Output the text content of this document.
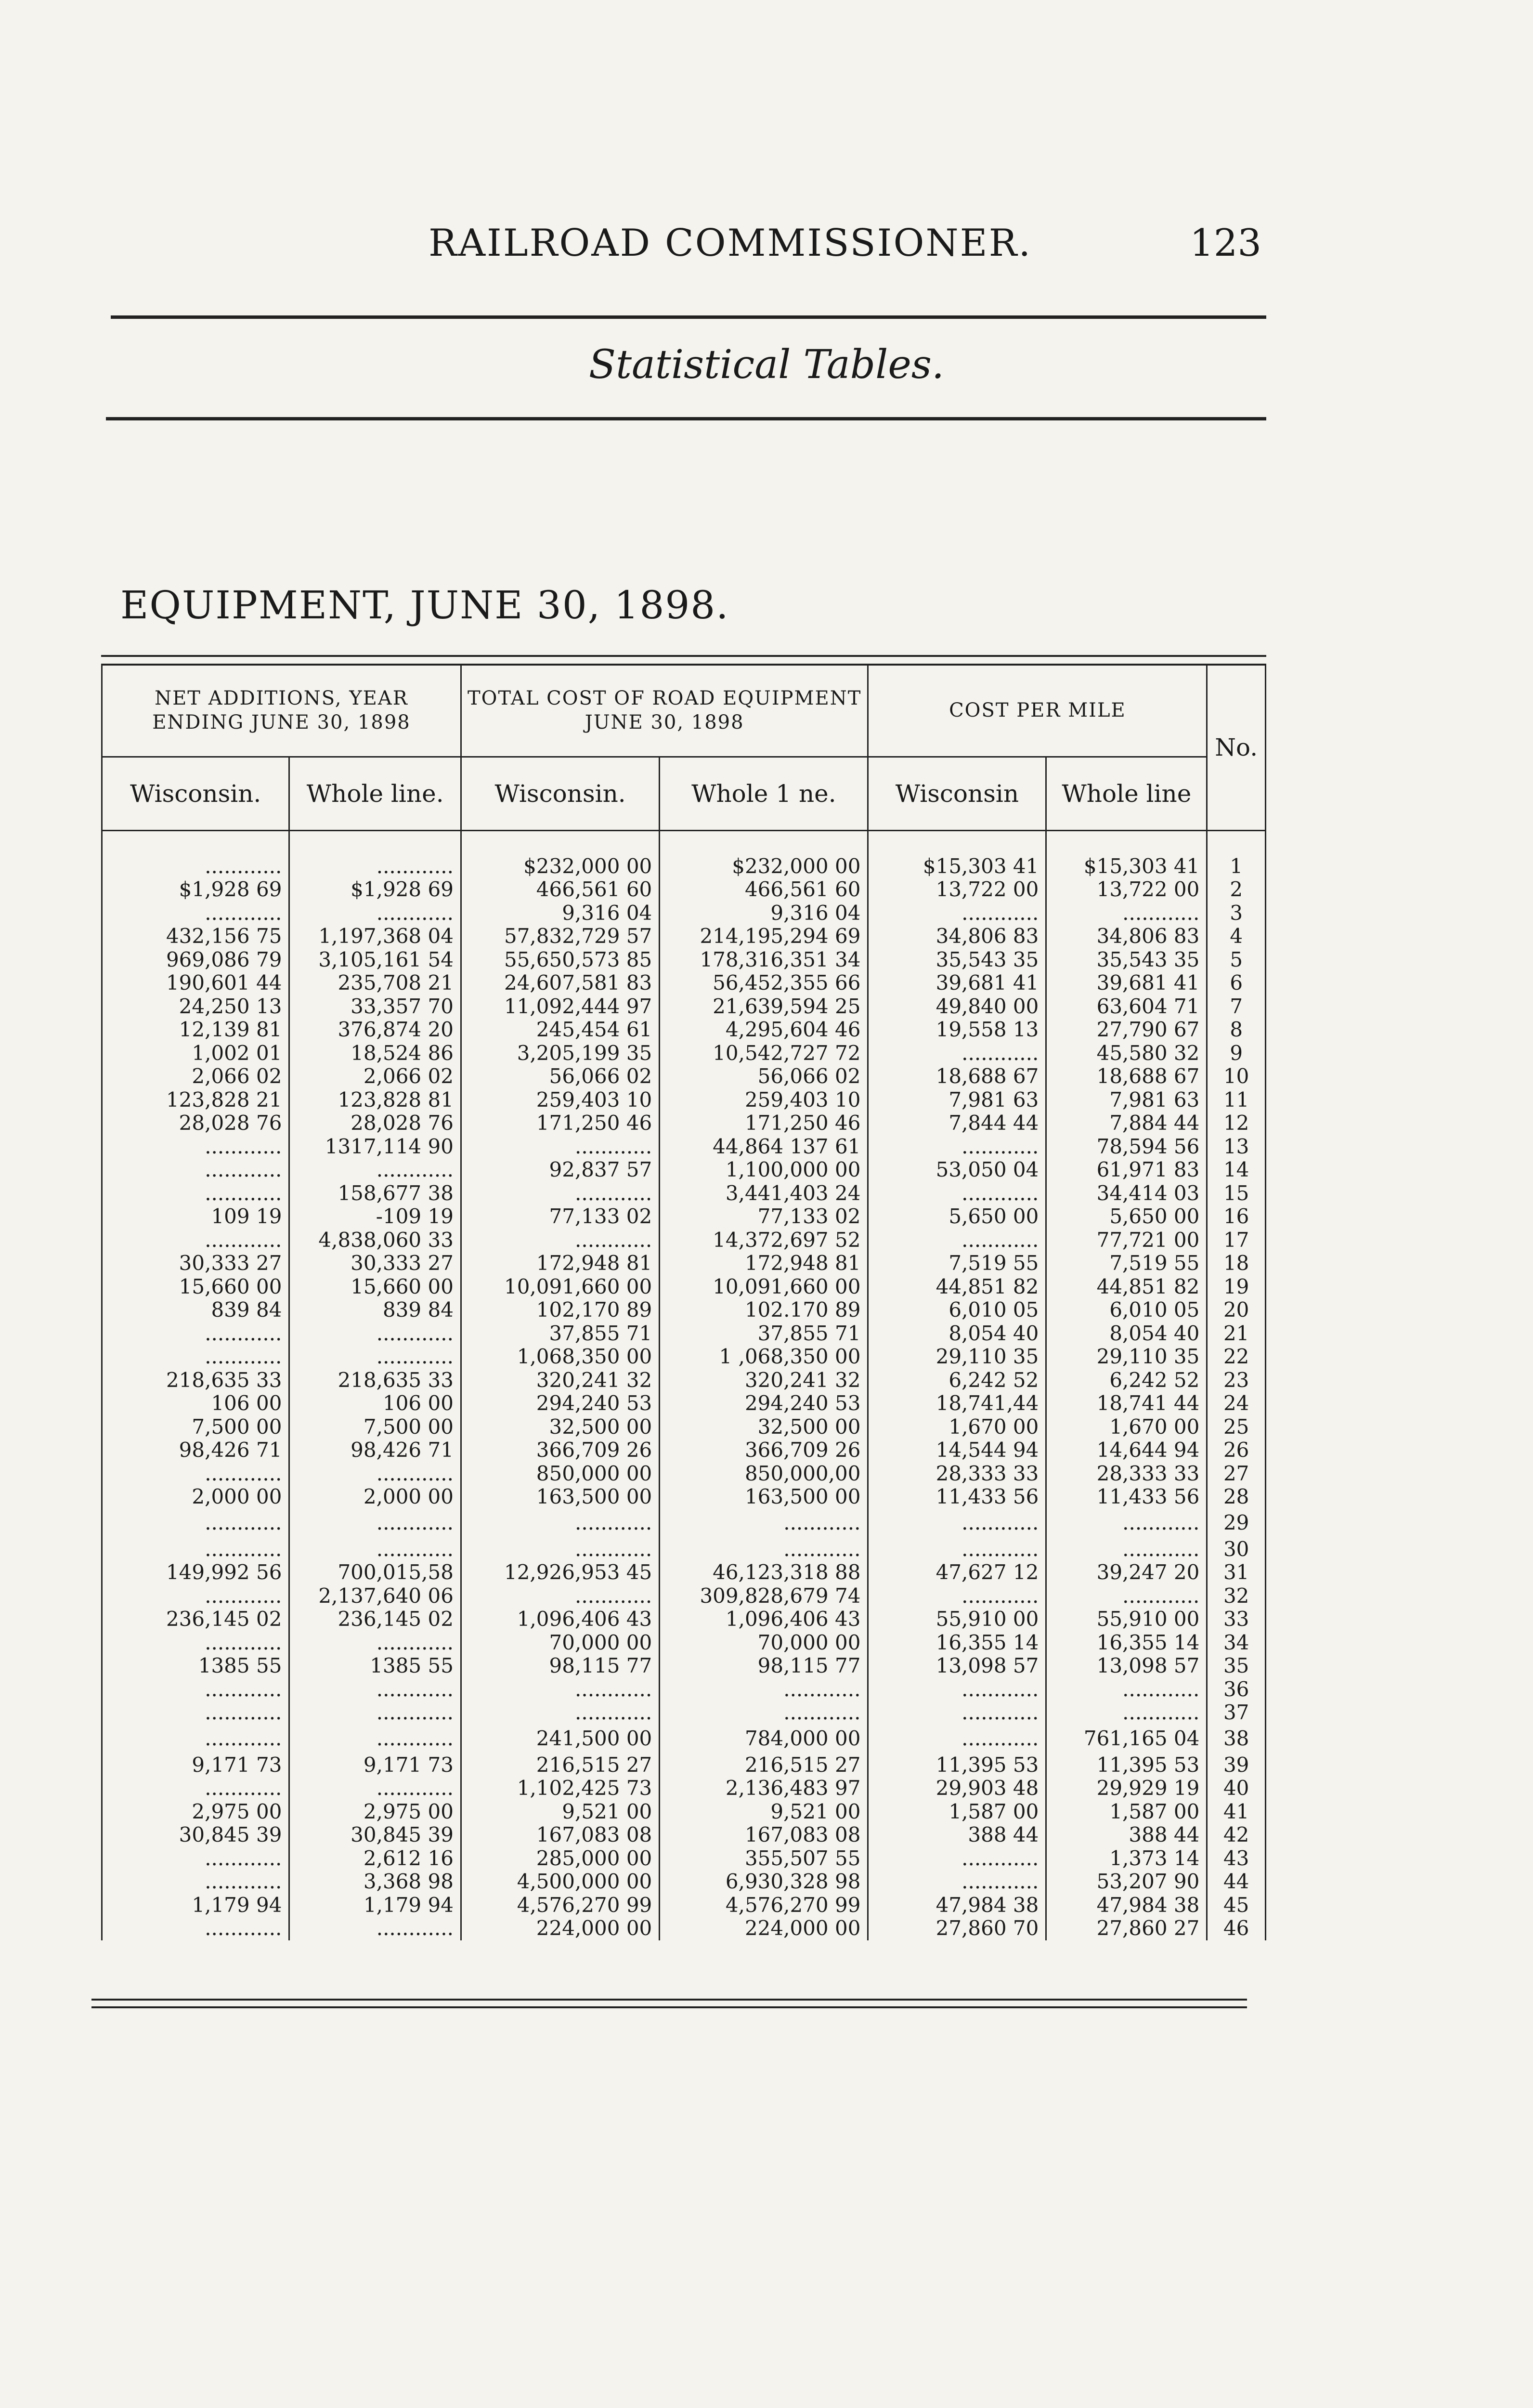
RAILROAD COMMISSIONER.	123
Statistical Tables.
EQUIPMENT, JUNE 30, 1898.
NET ADDITIONS, YEAR ENDING JUNE 30, 1898		TOTAL COST OF ROAD EQUIPMENT JUNE 30, 1898		COST PER MILE		No.
Wisconsin.	Whole line.	Wisconsin.	Whole 1 ne.	Wisconsin	Whole line	

............	............	$232,000 00	$232,000 00	$15,303 41	$15,303 41	1
$1,928 69	$1,928 69	466,561 60	466,561 60	13,722 00	13,722 00	2
............	............	9,316 04	9,316 04	............	............	3
432,156 75	1,197,368 04	57,832,729 57	214,195,294 69	34,806 83	34,806 83	4
969,086 79	3,105,161 54	55,650,573 85	178,316,351 34	35,543 35	35,543 35	5
190,601 44	235,708 21	24,607,581 83	56,452,355 66	39,681 41	39,681 41	6
24,250 13	33,357 70	11,092,444 97	21,639,594 25	49,840 00	63,604 71	7
12,139 81	376,874 20	245,454 61	4,295,604 46	19,558 13	27,790 67	8
1,002 01	18,524 86	3,205,199 35	10,542,727 72	............	45,580 32	9
2,066 02	2,066 02	56,066 02	56,066 02	18,688 67	18,688 67	10
123,828 21	123,828 81	259,403 10	259,403 10	7,981 63	7,981 63	11
28,028 76	28,028 76	171,250 46	171,250 46	7,844 44	7,884 44	12
............	1317,114 90	............	44,864 137 61	............	78,594 56	13
............	............	92,837 57	1,100,000 00	53,050 04	61,971 83	14
............	158,677 38	............	3,441,403 24	............	34,414 03	15
109 19	-109 19	77,133 02	77,133 02	5,650 00	5,650 00	16
............	4,838,060 33	............	14,372,697 52	............	77,721 00	17
30,333 27	30,333 27	172,948 81	172,948 81	7,519 55	7,519 55	18
15,660 00	15,660 00	10,091,660 00	10,091,660 00	44,851 82	44,851 82	19
839 84	839 84	102,170 89	102.170 89	6,010 05	6,010 05	20
............	............	37,855 71	37,855 71	8,054 40	8,054 40	21
............	............	1,068,350 00	1 ,068,350 00	29,110 35	29,110 35	22
218,635 33	218,635 33	320,241 32	320,241 32	6,242 52	6,242 52	23
106 00	106 00	294,240 53	294,240 53	18,741,44	18,741 44	24
7,500 00	7,500 00	32,500 00	32,500 00	1,670 00	1,670 00	25
98,426 71	98,426 71	366,709 26	366,709 26	14,544 94	14,644 94	26
............	............	850,000 00	850,000,00	28,333 33	28,333 33	27
2,000 00	2,000 00	163,500 00	163,500 00	11,433 56	11,433 56	28
............	............	............	............	............	............	29
............	............	............	............	............	............	30
149,992 56	700,015,58	12,926,953 45	46,123,318 88	47,627 12	39,247 20	31
............	2,137,640 06	............	309,828,679 74	............	............	32
236,145 02	236,145 02	1,096,406 43	1,096,406 43	55,910 00	55,910 00	33
............	............	70,000 00	70,000 00	16,355 14	16,355 14	34
1385 55	1385 55	98,115 77	98,115 77	13,098 57	13,098 57	35
............	............	............	............	............	............	36
............	............	............	............	............	............	37
............	............	241,500 00	784,000 00	............	761,165 04	38
9,171 73	9,171 73	216,515 27	216,515 27	11,395 53	11,395 53	39
............	............	1,102,425 73	2,136,483 97	29,903 48	29,929 19	40
2,975 00	2,975 00	9,521 00	9,521 00	1,587 00	1,587 00	41
30,845 39	30,845 39	167,083 08	167,083 08	388 44	388 44	42
............	2,612 16	285,000 00	355,507 55	............	1,373 14	43
............	3,368 98	4,500,000 00	6,930,328 98	............	53,207 90	44
1,179 94	1,179 94	4,576,270 99	4,576,270 99	47,984 38	47,984 38	45
............	............	224,000 00	224,000 00	27,860 70	27,860 27	46
